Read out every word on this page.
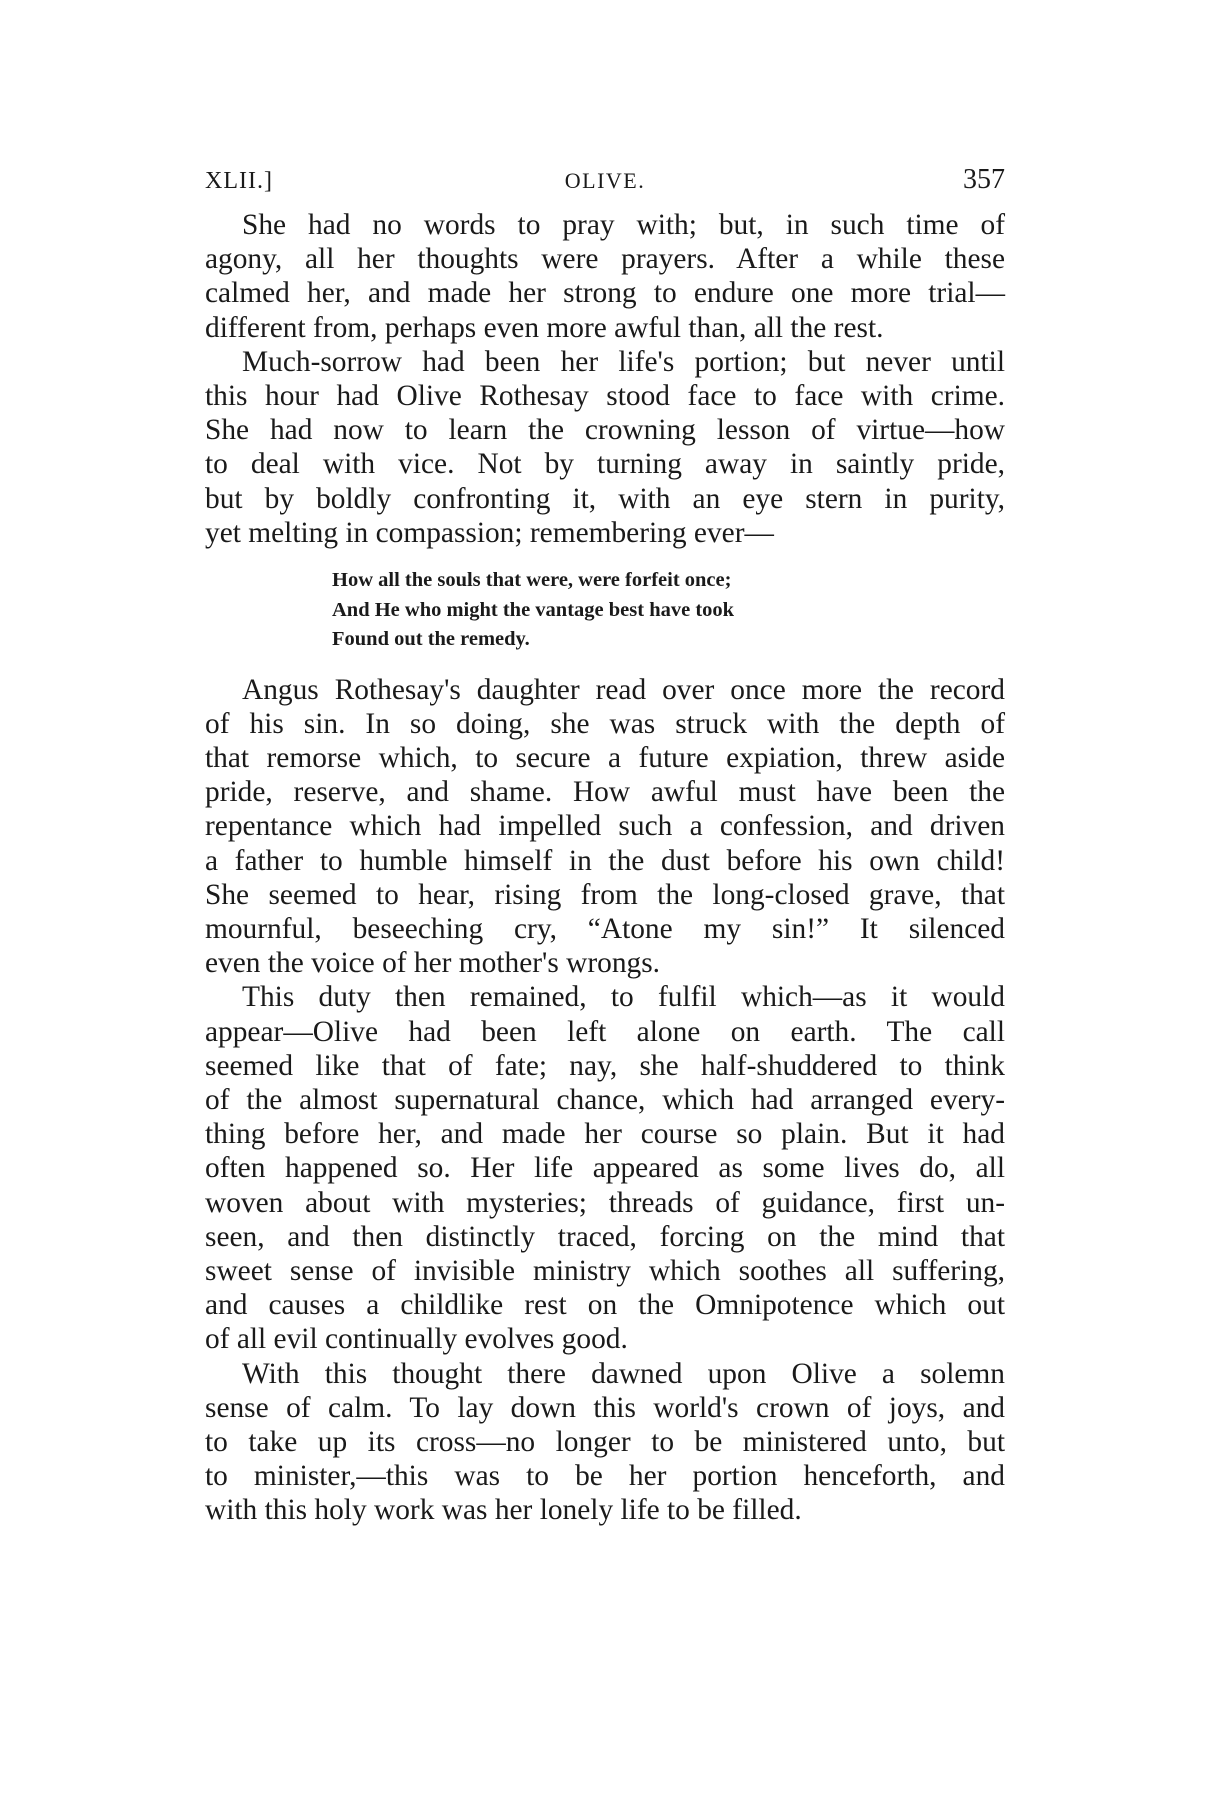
XLII.]	OLIVE.	357

She had no words to pray with; but, in such time of
agony, all her thoughts were prayers. After a while these
calmed her, and made her strong to endure one more trial—
different from, perhaps even more awful than, all the rest.

Much-sorrow had been her life's portion; but never until
this hour had Olive Rothesay stood face to face with crime.
She had now to learn the crowning lesson of virtue—how
to deal with vice. Not by turning away in saintly pride,
but by boldly confronting it, with an eye stern in purity,
yet melting in compassion; remembering ever—

How all the souls that were, were forfeit once;
And He who might the vantage best have took
Found out the remedy.

Angus Rothesay's daughter read over once more the record
of his sin. In so doing, she was struck with the depth of
that remorse which, to secure a future expiation, threw aside
pride, reserve, and shame. How awful must have been the
repentance which had impelled such a confession, and driven
a father to humble himself in the dust before his own child!
She seemed to hear, rising from the long-closed grave, that
mournful, beseeching cry, “Atone my sin!” It silenced
even the voice of her mother's wrongs.

This duty then remained, to fulfil which—as it would
appear—Olive had been left alone on earth. The call
seemed like that of fate; nay, she half-shuddered to think
of the almost supernatural chance, which had arranged every-
thing before her, and made her course so plain. But it had
often happened so. Her life appeared as some lives do, all
woven about with mysteries; threads of guidance, first un-
seen, and then distinctly traced, forcing on the mind that
sweet sense of invisible ministry which soothes all suffering,
and causes a childlike rest on the Omnipotence which out
of all evil continually evolves good.

With this thought there dawned upon Olive a solemn
sense of calm. To lay down this world's crown of joys, and
to take up its cross—no longer to be ministered unto, but
to minister,—this was to be her portion henceforth, and
with this holy work was her lonely life to be filled.
